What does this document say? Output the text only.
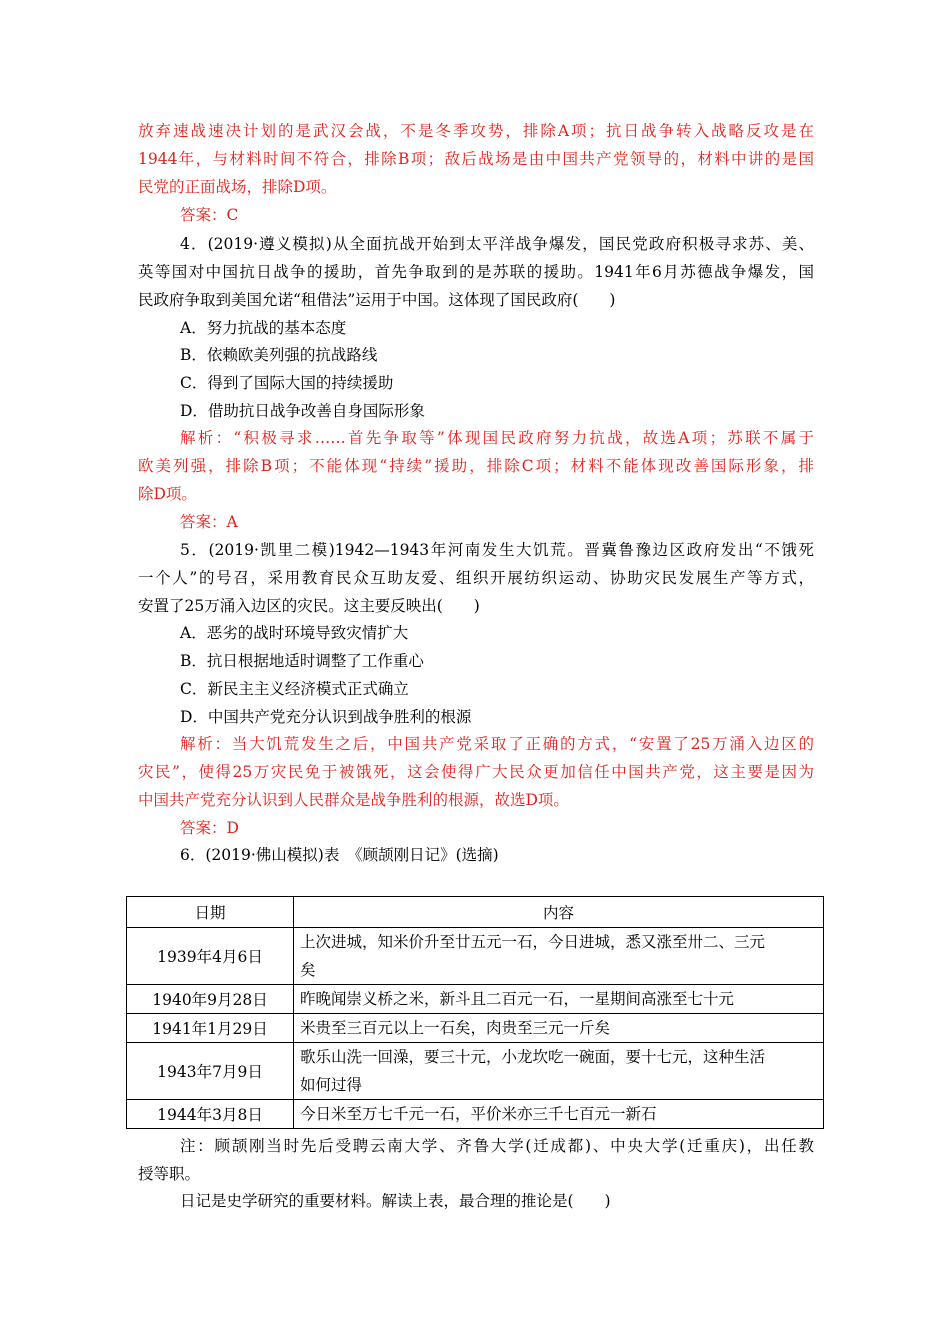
放弃速战速决计划的是武汉会战，不是冬季攻势，排除A项；抗日战争转入战略反攻是在
1944年，与材料时间不符合，排除B项；敌后战场是由中国共产党领导的，材料中讲的是国
民党的正面战场，排除D项。
答案：C
4．(2019·遵义模拟)从全面抗战开始到太平洋战争爆发，国民党政府积极寻求苏、美、
英等国对中国抗日战争的援助，首先争取到的是苏联的援助。1941年6月苏德战争爆发，国
民政府争取到美国允诺“租借法”运用于中国。这体现了国民政府(　　)
A．努力抗战的基本态度
B．依赖欧美列强的抗战路线
C．得到了国际大国的持续援助
D．借助抗日战争改善自身国际形象
解析：“积极寻求……首先争取等”体现国民政府努力抗战，故选A项；苏联不属于
欧美列强，排除B项；不能体现“持续”援助，排除C项；材料不能体现改善国际形象，排
除D项。
答案：A
5．(2019·凯里二模)1942—1943年河南发生大饥荒。晋冀鲁豫边区政府发出“不饿死
一个人”的号召，采用教育民众互助友爱、组织开展纺织运动、协助灾民发展生产等方式，
安置了25万涌入边区的灾民。这主要反映出(　　)
A．恶劣的战时环境导致灾情扩大
B．抗日根据地适时调整了工作重心
C．新民主主义经济模式正式确立
D．中国共产党充分认识到战争胜利的根源
解析：当大饥荒发生之后，中国共产党采取了正确的方式，“安置了25万涌入边区的
灾民”，使得25万灾民免于被饿死，这会使得广大民众更加信任中国共产党，这主要是因为
中国共产党充分认识到人民群众是战争胜利的根源，故选D项。
答案：D
6．(2019·佛山模拟)表　《顾颉刚日记》(选摘)
日期	内容
1939年4月6日	上次进城，知米价升至廿五元一石，今日进城，悉又涨至卅二、三元
矣

1940年9月28日	昨晚闻崇义桥之米，新斗且二百元一石，一星期间高涨至七十元

1941年1月29日	米贵至三百元以上一石矣，肉贵至三元一斤矣

1943年7月9日	歌乐山洗一回澡，要三十元，小龙坎吃一碗面，要十七元，这种生活
如何过得

1944年3月8日	今日米至万七千元一石，平价米亦三千七百元一新石
注：顾颉刚当时先后受聘云南大学、齐鲁大学(迁成都)、中央大学(迁重庆)，出任教
授等职。
日记是史学研究的重要材料。解读上表，最合理的推论是(　　)
